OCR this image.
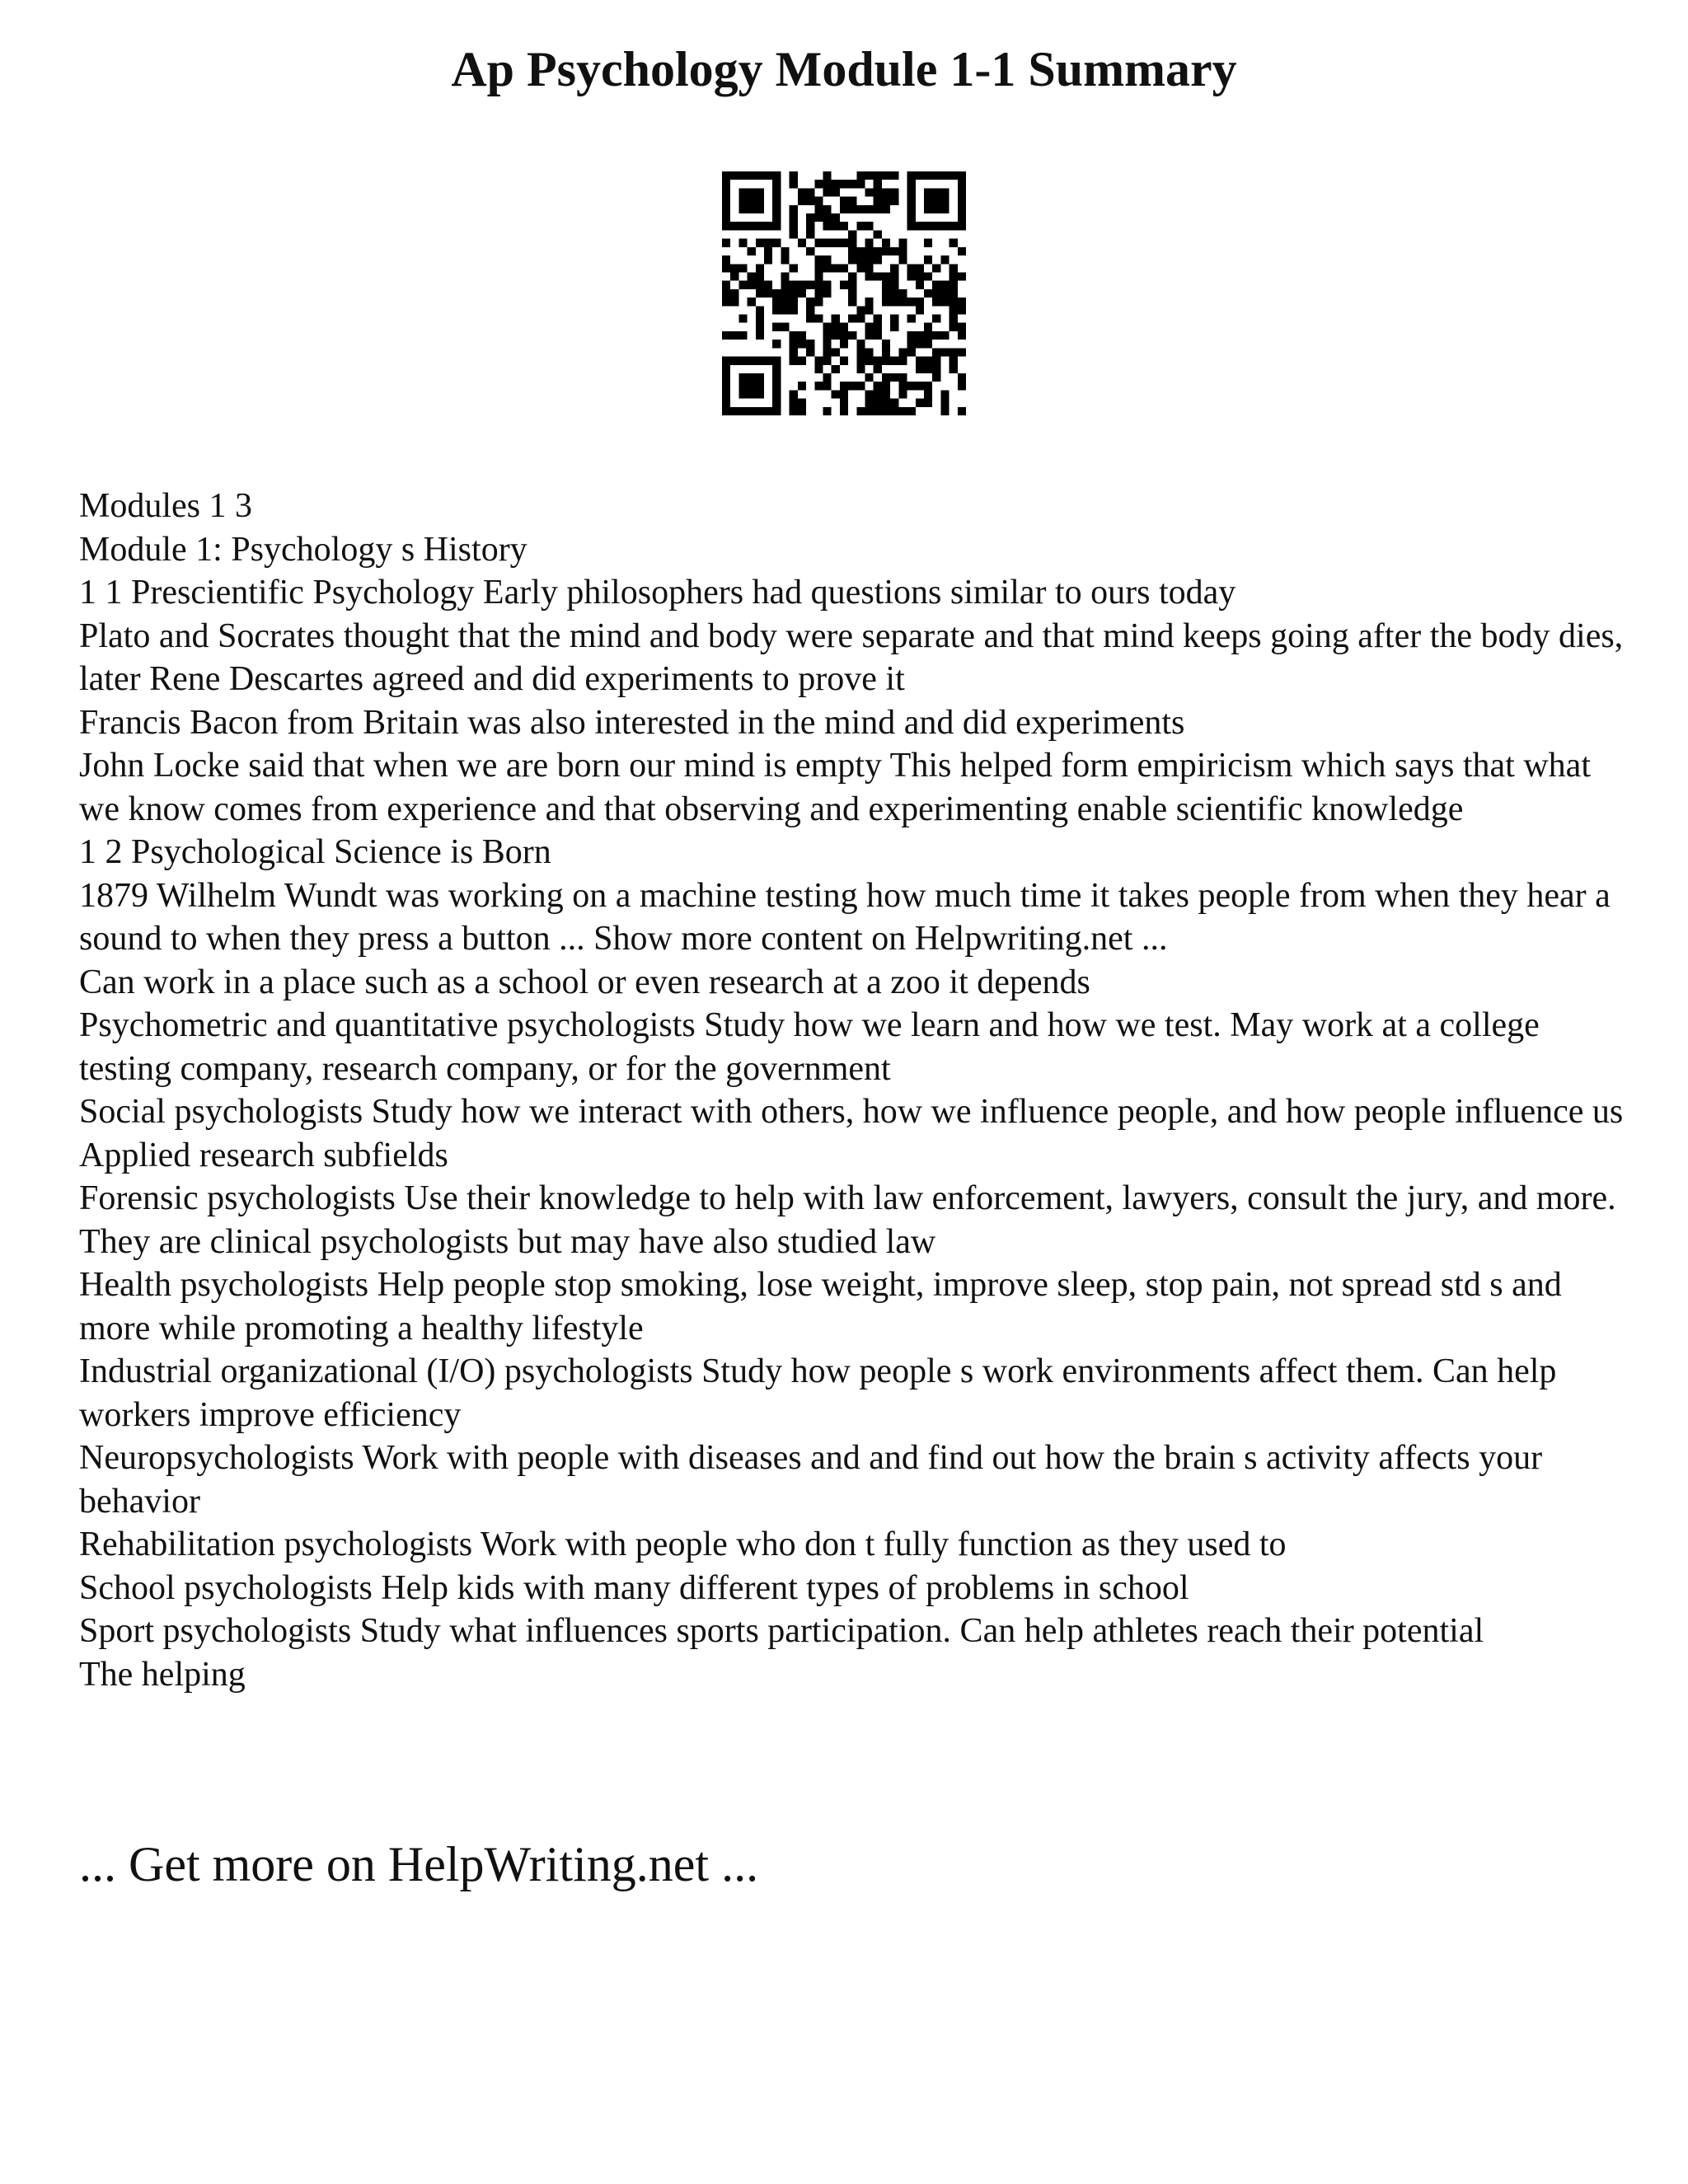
Ap Psychology Module 1-1 Summary

Modules 1 3

Module 1: Psychology s History

1 1 Prescientific Psychology Early philosophers had questions similar to ours today

Plato and Socrates thought that the mind and body were separate and that mind keeps going after the body dies, later Rene Descartes agreed and did experiments to prove it

Francis Bacon from Britain was also interested in the mind and did experiments

John Locke said that when we are born our mind is empty This helped form empiricism which says that what we know comes from experience and that observing and experimenting enable scientific knowledge

1 2 Psychological Science is Born

1879 Wilhelm Wundt was working on a machine testing how much time it takes people from when they hear a sound to when they press a button ... Show more content on Helpwriting.net ...

Can work in a place such as a school or even research at a zoo it depends

Psychometric and quantitative psychologists Study how we learn and how we test. May work at a college testing company, research company, or for the government

Social psychologists Study how we interact with others, how we influence people, and how people influence us

Applied research subfields

Forensic psychologists Use their knowledge to help with law enforcement, lawyers, consult the jury, and more. They are clinical psychologists but may have also studied law

Health psychologists Help people stop smoking, lose weight, improve sleep, stop pain, not spread std s and more while promoting a healthy lifestyle

Industrial organizational (I/O) psychologists Study how people s work environments affect them. Can help workers improve efficiency

Neuropsychologists Work with people with diseases and and find out how the brain s activity affects your behavior

Rehabilitation psychologists Work with people who don t fully function as they used to

School psychologists Help kids with many different types of problems in school

Sport psychologists Study what influences sports participation. Can help athletes reach their potential

The helping

... Get more on HelpWriting.net ...
